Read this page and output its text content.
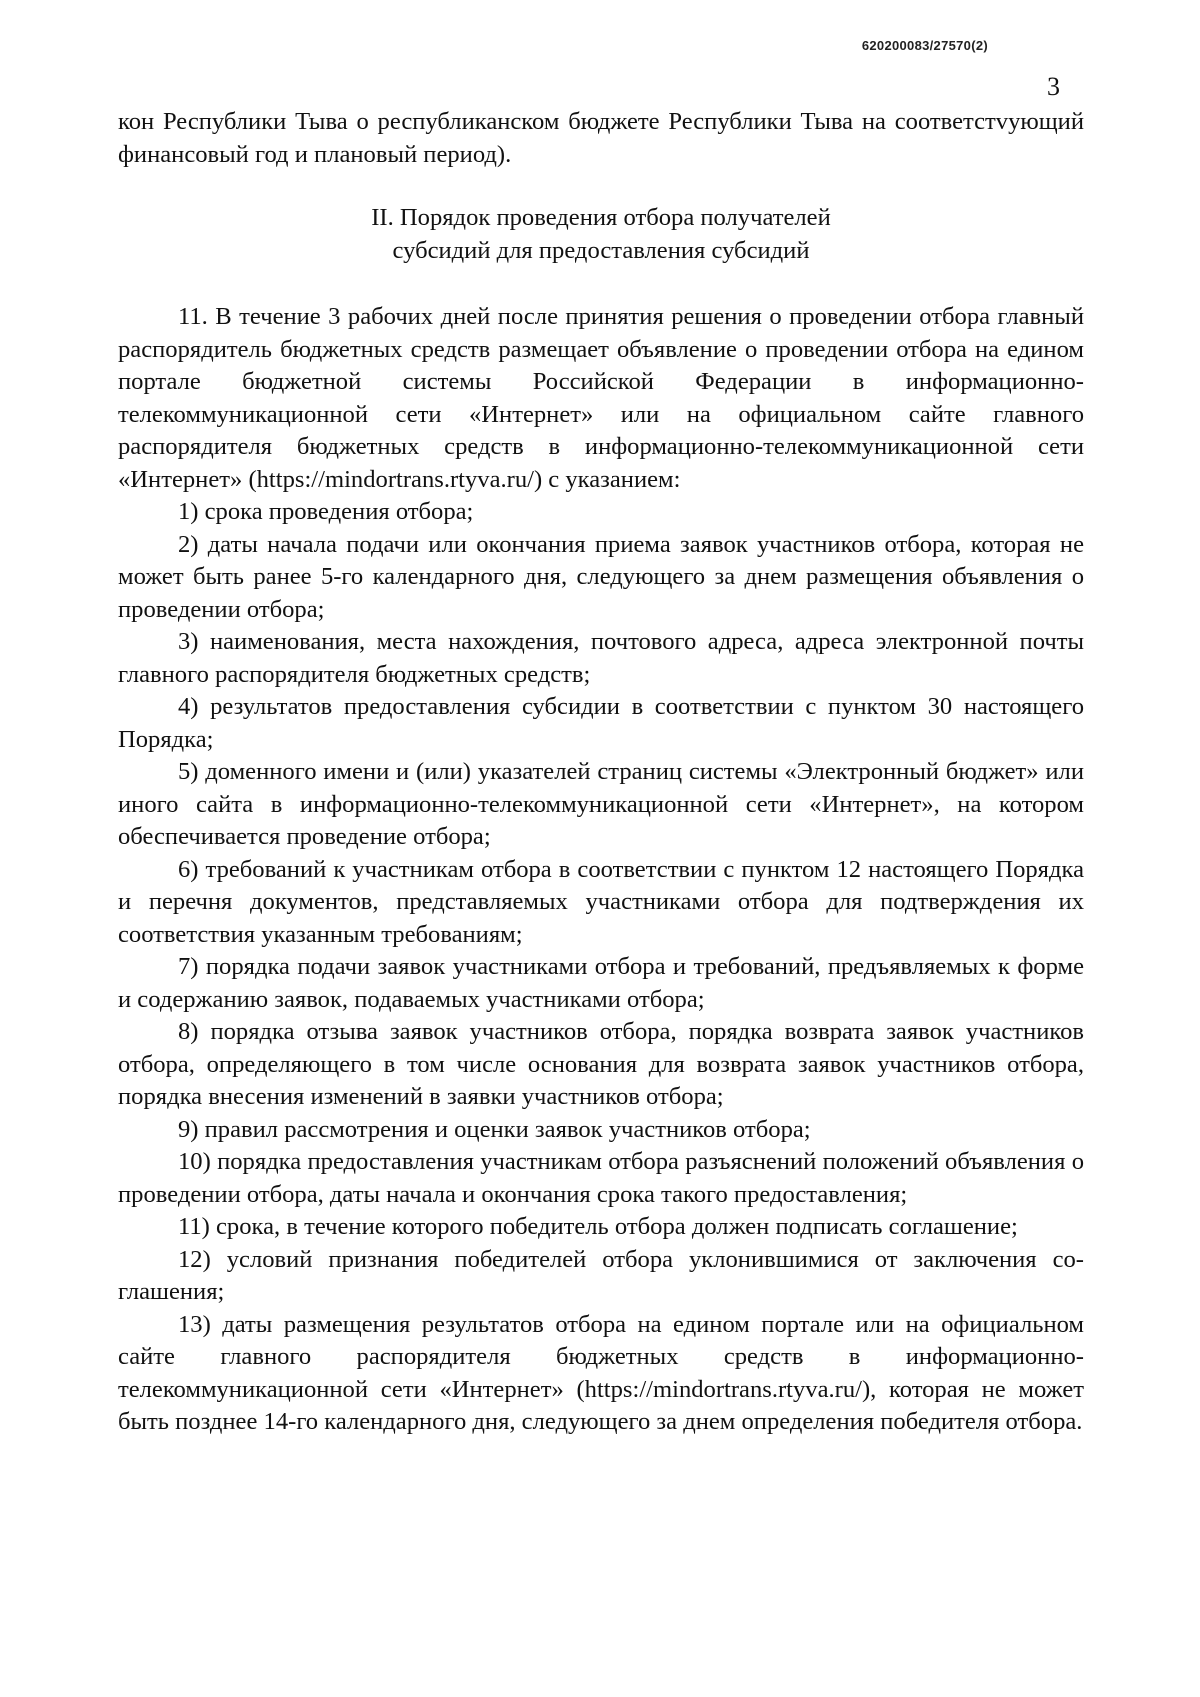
620200083/27570(2)
3

кон Республики Тыва о республиканском бюджете Республики Тыва на соответстvующий финансовый год и плановый период).

II. Порядок проведения отбора получателей
субсидий для предоставления субсидий

11. В течение 3 рабочих дней после принятия решения о проведении отбора главный распорядитель бюджетных средств размещает объявление о проведении отбора на едином портале бюджетной системы Российской Федерации в информационно-телекоммуникационной сети «Интернет» или на официальном сайте главного распорядителя бюджетных средств в информационно-телекоммуникационной сети «Интернет» (https://mindortrans.rtyva.ru/) с указанием:

1) срока проведения отбора;

2) даты начала подачи или окончания приема заявок участников отбора, которая не может быть ранее 5-го календарного дня, следующего за днем размещения объявления о проведении отбора;

3) наименования, места нахождения, почтового адреса, адреса электронной почты главного распорядителя бюджетных средств;

4) результатов предоставления субсидии в соответствии с пунктом 30 настоящего Порядка;

5) доменного имени и (или) указателей страниц системы «Электронный бюджет» или иного сайта в информационно-телекоммуникационной сети «Интернет», на котором обеспечивается проведение отбора;

6) требований к участникам отбора в соответствии с пунктом 12 настоящего Порядка и перечня документов, представляемых участниками отбора для подтверждения их соответствия указанным требованиям;

7) порядка подачи заявок участниками отбора и требований, предъявляемых к форме и содержанию заявок, подаваемых участниками отбора;

8) порядка отзыва заявок участников отбора, порядка возврата заявок участников отбора, определяющего в том числе основания для возврата заявок участников отбора, порядка внесения изменений в заявки участников отбора;

9) правил рассмотрения и оценки заявок участников отбора;

10) порядка предоставления участникам отбора разъяснений положений объявления о проведении отбора, даты начала и окончания срока такого предоставления;

11) срока, в течение которого победитель отбора должен подписать соглашение;

12) условий признания победителей отбора уклонившимися от заключения соглашения;

13) даты размещения результатов отбора на едином портале или на официальном сайте главного распорядителя бюджетных средств в информационно-телекоммуникационной сети «Интернет» (https://mindortrans.rtyva.ru/), которая не может быть позднее 14-го календарного дня, следующего за днем определения победителя отбора.
